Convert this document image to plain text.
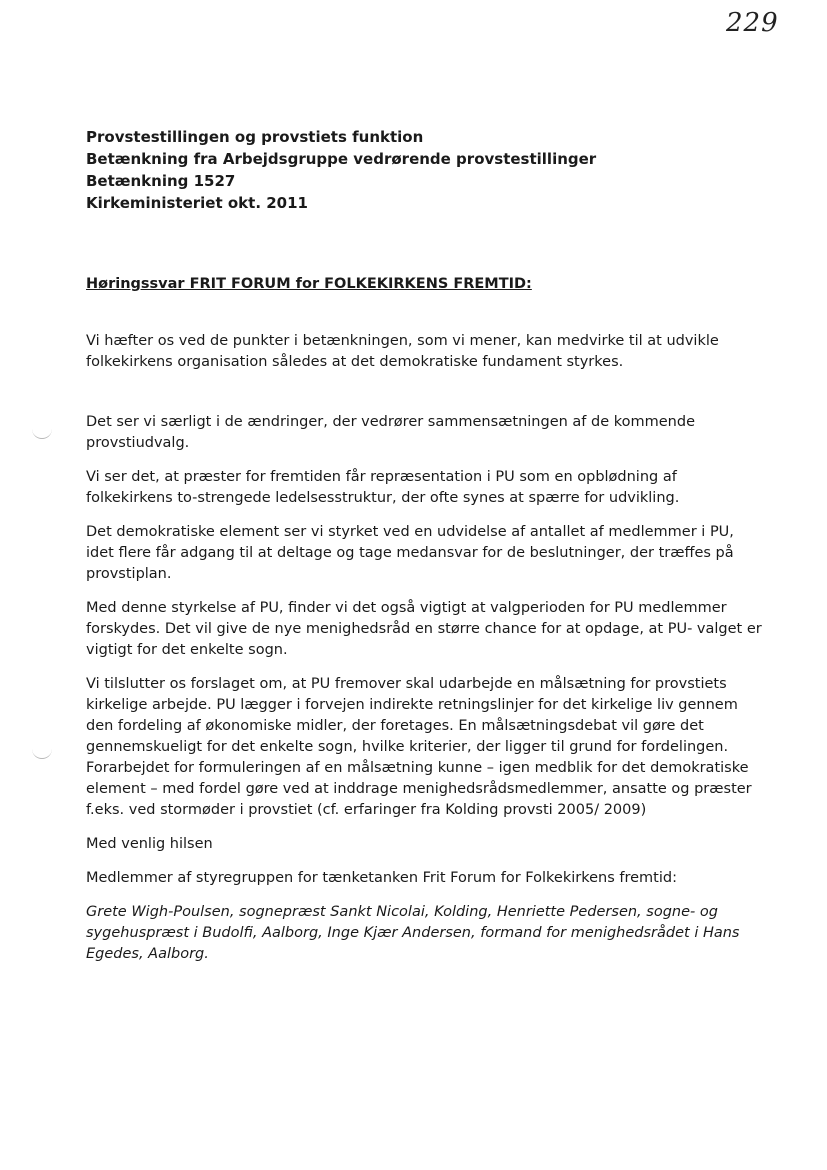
229
Provstestillingen og provstiets funktion
Betænkning fra Arbejdsgruppe vedrørende provstestillinger
Betænkning 1527
Kirkeministeriet okt. 2011
Høringssvar FRIT FORUM for FOLKEKIRKENS FREMTID:

Vi hæfter os ved de punkter i betænkningen, som vi mener, kan medvirke til at udvikle folkekirkens organisation således at det demokratiske fundament styrkes.

Det ser vi særligt i de ændringer, der vedrører sammensætningen af de kommende provstiudvalg.

Vi ser det, at præster for fremtiden får repræsentation i PU som en opblødning af folkekirkens to-strengede ledelsesstruktur, der ofte synes at spærre for udvikling.

Det demokratiske element ser vi styrket ved en udvidelse af antallet af medlemmer i PU, idet flere får adgang til at deltage og tage medansvar for de beslutninger, der træffes på provstiplan.

Med denne styrkelse af PU, finder vi det også vigtigt at valgperioden for PU medlemmer forskydes. Det vil give de nye menighedsråd en større chance for at opdage, at PU- valget er vigtigt for det enkelte sogn.

Vi tilslutter os forslaget om, at PU fremover skal udarbejde en målsætning for provstiets kirkelige arbejde. PU lægger i forvejen indirekte retningslinjer for det kirkelige liv gennem den fordeling af økonomiske midler, der foretages. En målsætningsdebat vil gøre det gennemskueligt for det enkelte sogn, hvilke kriterier, der ligger til grund for fordelingen. Forarbejdet for formuleringen af en målsætning kunne – igen medblik for det demokratiske element – med fordel gøre ved at inddrage menighedsrådsmedlemmer, ansatte og præster f.eks. ved stormøder i provstiet (cf. erfaringer fra Kolding provsti 2005/ 2009)

Med venlig hilsen

Medlemmer af styregruppen for tænketanken Frit Forum for Folkekirkens fremtid:

Grete Wigh-Poulsen, sognepræst Sankt Nicolai, Kolding, Henriette Pedersen, sogne- og sygehuspræst i Budolfi, Aalborg, Inge Kjær Andersen, formand for menighedsrådet i Hans Egedes, Aalborg.
